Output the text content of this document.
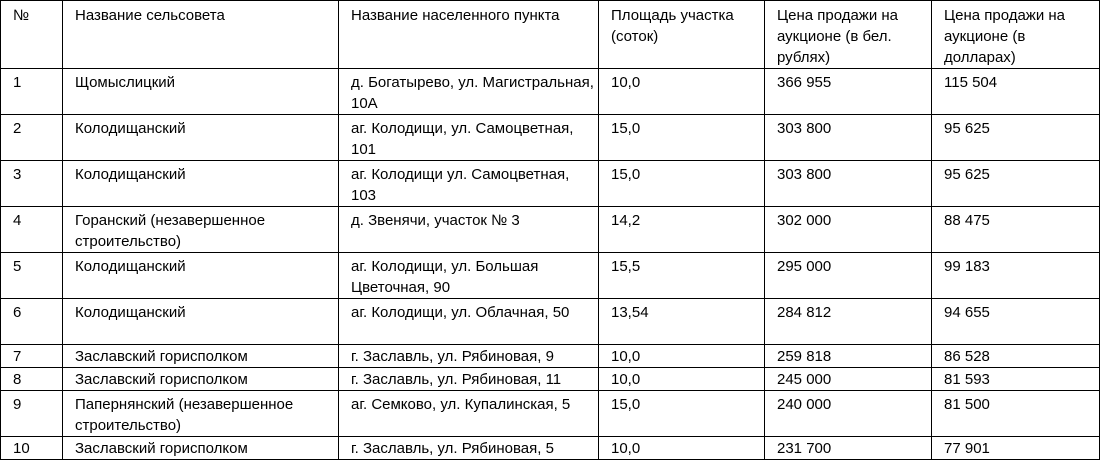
№	Название сельсовета	Название населенного пункта	Площадь участка (соток)	Цена продажи на аукционе (в бел. рублях)	Цена продажи на аукционе (в долларах)
1	Щомыслицкий	д. Богатырево, ул. Магистральная, 10А	10,0	366 955	115 504
2	Колодищанский	аг. Колодищи, ул. Самоцветная, 101	15,0	303 800	95 625
3	Колодищанский	аг. Колодищи ул. Самоцветная, 103	15,0	303 800	95 625
4	Горанский (незавершенное строительство)	д. Звенячи, участок № 3	14,2	302 000	88 475
5	Колодищанский	аг. Колодищи, ул. Большая Цветочная, 90	15,5	295 000	99 183
6	Колодищанский	аг. Колодищи, ул. Облачная, 50	13,54	284 812	94 655
7	Заславский горисполком	г. Заславль, ул. Рябиновая, 9	10,0	259 818	86 528
8	Заславский горисполком	г. Заславль, ул. Рябиновая, 11	10,0	245 000	81 593
9	Папернянский (незавершенное строительство)	аг. Семково, ул. Купалинская, 5	15,0	240 000	81 500
10	Заславский горисполком	г. Заславль, ул. Рябиновая, 5	10,0	231 700	77 901
